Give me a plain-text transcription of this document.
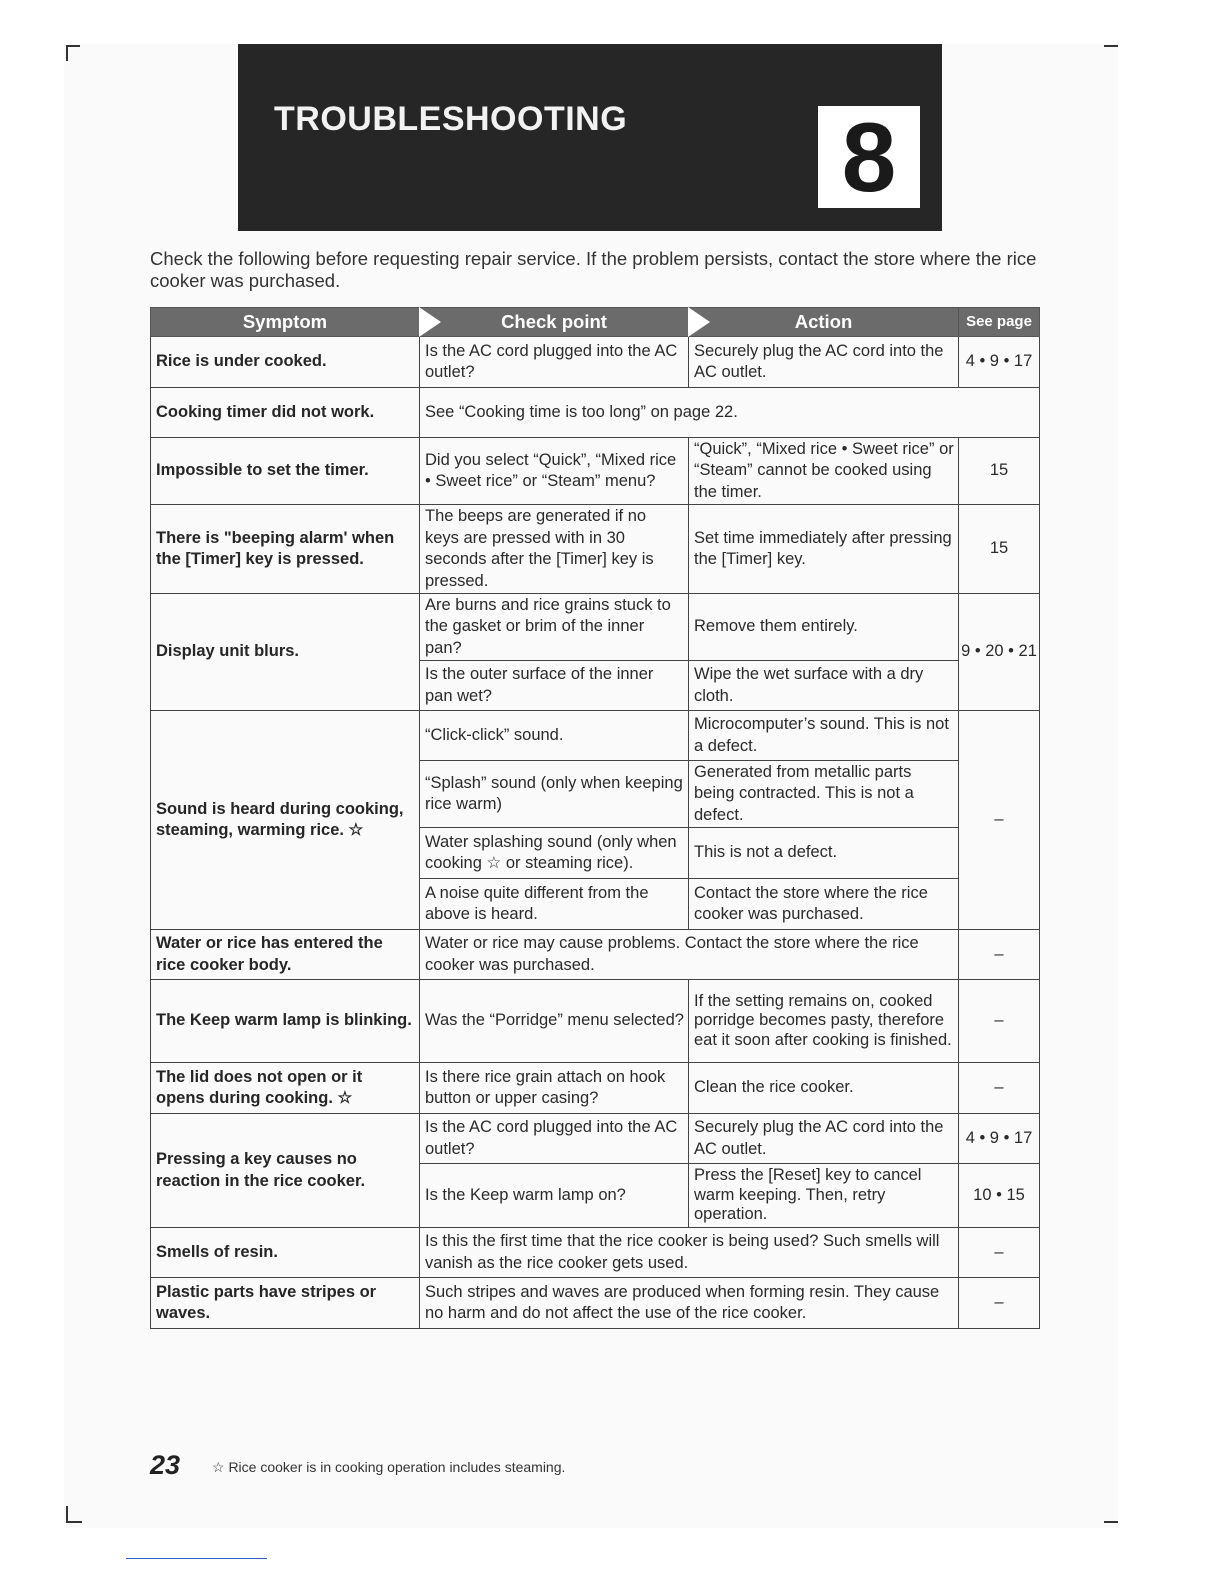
TROUBLESHOOTING 8
Check the following before requesting repair service. If the problem persists, contact the store where the rice cooker was purchased.
Symptom	Check point	Action	See page
Rice is under cooked.	Is the AC cord plugged into the AC outlet?	Securely plug the AC cord into the AC outlet.	4 • 9 • 17
Cooking timer did not work.	See “Cooking time is too long” on page 22.		
Impossible to set the timer.	Did you select “Quick”, “Mixed rice • Sweet rice” or “Steam” menu?	“Quick”, “Mixed rice • Sweet rice” or “Steam” cannot be cooked using the timer.	15
There is "beeping alarm' when the [Timer] key is pressed.	The beeps are generated if no keys are pressed with in 30 seconds after the [Timer] key is pressed.	Set time immediately after pressing the [Timer] key.	15
Display unit blurs.	Are burns and rice grains stuck to the gasket or brim of the inner pan?	Remove them entirely.	9 • 20 • 21
	Is the outer surface of the inner pan wet?	Wipe the wet surface with a dry cloth.	
Sound is heard during cooking, steaming, warming rice. ☆	“Click-click” sound.	Microcomputer’s sound. This is not a defect.	–
	“Splash” sound (only when keeping rice warm)	Generated from metallic parts being contracted. This is not a defect.	
	Water splashing sound (only when cooking ☆ or steaming rice).	This is not a defect.	
	A noise quite different from the above is heard.	Contact the store where the rice cooker was purchased.	
Water or rice has entered the rice cooker body.	Water or rice may cause problems. Contact the store where the rice cooker was purchased.		–
The Keep warm lamp is blinking.	Was the “Porridge” menu selected?	If the setting remains on, cooked porridge becomes pasty, therefore eat it soon after cooking is finished.	–
The lid does not open or it opens during cooking. ☆	Is there rice grain attach on hook button or upper casing?	Clean the rice cooker.	–
Pressing a key causes no reaction in the rice cooker.	Is the AC cord plugged into the AC outlet?	Securely plug the AC cord into the AC outlet.	4 • 9 • 17
	Is the Keep warm lamp on?	Press the [Reset] key to cancel warm keeping. Then, retry operation.	10 • 15
Smells of resin.	Is this the first time that the rice cooker is being used? Such smells will vanish as the rice cooker gets used.		–
Plastic parts have stripes or waves.	Such stripes and waves are produced when forming resin. They cause no harm and do not affect the use of the rice cooker.		–
23 ☆ Rice cooker is in cooking operation includes steaming.
